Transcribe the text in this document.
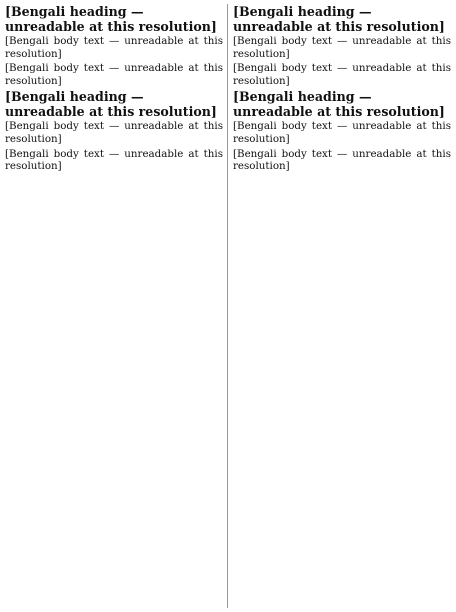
[Bengali heading — unreadable at this resolution]

[Bengali body text — unreadable at this resolution]

[Bengali body text — unreadable at this resolution]

[Bengali heading — unreadable at this resolution]

[Bengali body text — unreadable at this resolution]

[Bengali body text — unreadable at this resolution]

[Bengali heading — unreadable at this resolution]

[Bengali body text — unreadable at this resolution]

[Bengali body text — unreadable at this resolution]

[Bengali heading — unreadable at this resolution]

[Bengali body text — unreadable at this resolution]

[Bengali body text — unreadable at this resolution]
